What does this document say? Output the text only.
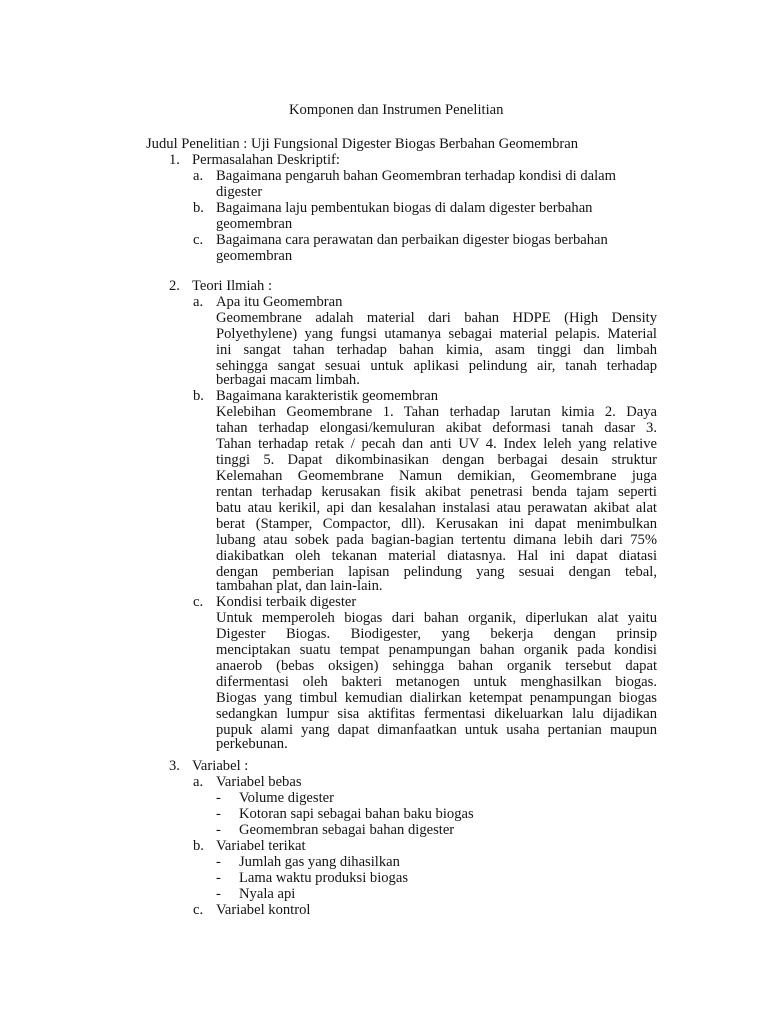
Komponen dan Instrumen Penelitian
Judul Penelitian : Uji Fungsional Digester Biogas Berbahan Geomembran
1. Permasalahan Deskriptif:
a. Bagaimana pengaruh bahan Geomembran terhadap kondisi di dalam
digester
b. Bagaimana laju pembentukan biogas di dalam digester berbahan
geomembran
c. Bagaimana cara perawatan dan perbaikan digester biogas berbahan
geomembran
2. Teori Ilmiah :
a. Apa itu Geomembran
Geomembrane adalah material dari bahan HDPE (High Density
Polyethylene) yang fungsi utamanya sebagai material pelapis. Material
ini sangat tahan terhadap bahan kimia, asam tinggi dan limbah
sehingga sangat sesuai untuk aplikasi pelindung air, tanah terhadap
berbagai macam limbah.
b. Bagaimana karakteristik geomembran
Kelebihan Geomembrane 1. Tahan terhadap larutan kimia 2. Daya
tahan terhadap elongasi/kemuluran akibat deformasi tanah dasar 3.
Tahan terhadap retak / pecah dan anti UV 4. Index leleh yang relative
tinggi 5. Dapat dikombinasikan dengan berbagai desain struktur
Kelemahan Geomembrane Namun demikian, Geomembrane juga
rentan terhadap kerusakan fisik akibat penetrasi benda tajam seperti
batu atau kerikil, api dan kesalahan instalasi atau perawatan akibat alat
berat (Stamper, Compactor, dll). Kerusakan ini dapat menimbulkan
lubang atau sobek pada bagian-bagian tertentu dimana lebih dari 75%
diakibatkan oleh tekanan material diatasnya. Hal ini dapat diatasi
dengan pemberian lapisan pelindung yang sesuai dengan tebal,
tambahan plat, dan lain-lain.
c. Kondisi terbaik digester
Untuk memperoleh biogas dari bahan organik, diperlukan alat yaitu
Digester Biogas. Biodigester, yang bekerja dengan prinsip
menciptakan suatu tempat penampungan bahan organik pada kondisi
anaerob (bebas oksigen) sehingga bahan organik tersebut dapat
difermentasi oleh bakteri metanogen untuk menghasilkan biogas.
Biogas yang timbul kemudian dialirkan ketempat penampungan biogas
sedangkan lumpur sisa aktifitas fermentasi dikeluarkan lalu dijadikan
pupuk alami yang dapat dimanfaatkan untuk usaha pertanian maupun
perkebunan.
3. Variabel :
a. Variabel bebas
- Volume digester
- Kotoran sapi sebagai bahan baku biogas
- Geomembran sebagai bahan digester
b. Variabel terikat
- Jumlah gas yang dihasilkan
- Lama waktu produksi biogas
- Nyala api
c. Variabel kontrol
